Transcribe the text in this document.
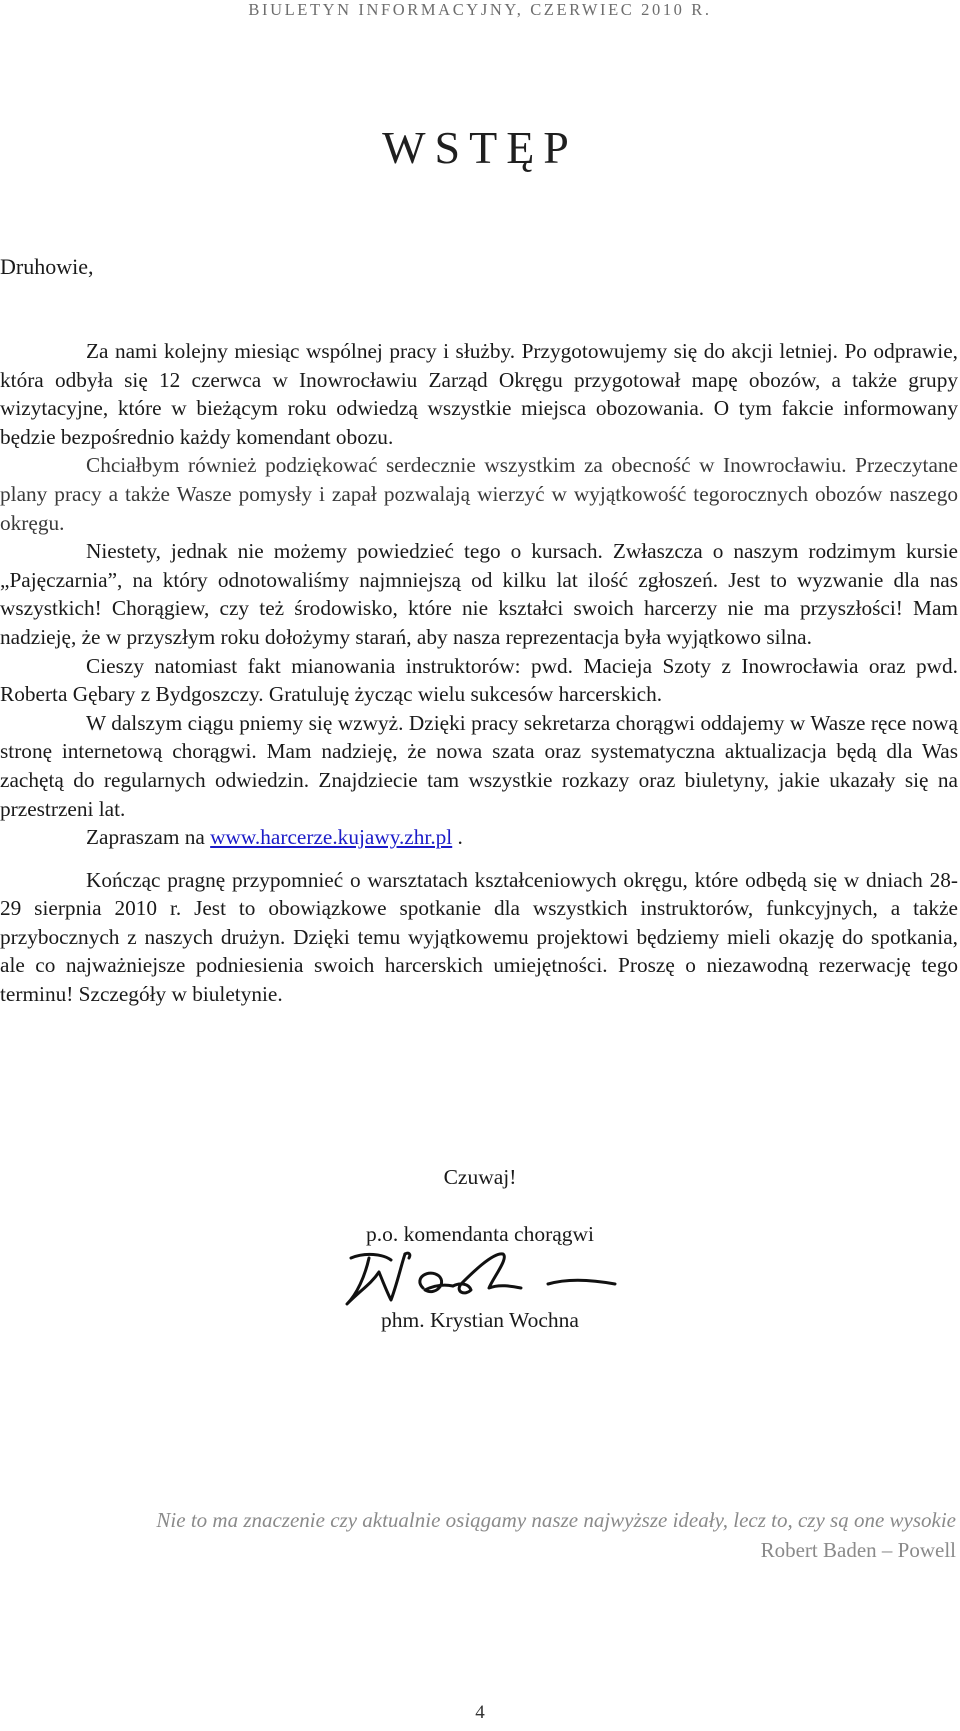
BIULETYN INFORMACYJNY, CZERWIEC 2010 R.
WSTĘP
Druhowie,

Za nami kolejny miesiąc wspólnej pracy i służby. Przygotowujemy się do akcji letniej. Po odprawie, która odbyła się 12 czerwca w Inowrocławiu Zarząd Okręgu przygotował mapę obozów, a także grupy wizytacyjne, które w bieżącym roku odwiedzą wszystkie miejsca obozowania. O tym fakcie informowany będzie bezpośrednio każdy komendant obozu.

Chciałbym również podziękować serdecznie wszystkim za obecność w Inowrocławiu. Przeczytane plany pracy a także Wasze pomysły i zapał pozwalają wierzyć w wyjątkowość tegorocznych obozów naszego okręgu.

Niestety, jednak nie możemy powiedzieć tego o kursach. Zwłaszcza o naszym rodzimym kursie „Pajęczarnia”, na który odnotowaliśmy najmniejszą od kilku lat ilość zgłoszeń. Jest to wyzwanie dla nas wszystkich! Chorągiew, czy też środowisko, które nie kształci swoich harcerzy nie ma przyszłości! Mam nadzieję, że w przyszłym roku dołożymy starań, aby nasza reprezentacja była wyjątkowo silna.

Cieszy natomiast fakt mianowania instruktorów: pwd. Macieja Szoty z Inowrocławia oraz pwd. Roberta Gębary z Bydgoszczy. Gratuluję życząc wielu sukcesów harcerskich.

W dalszym ciągu pniemy się wzwyż. Dzięki pracy sekretarza chorągwi oddajemy w Wasze ręce nową stronę internetową chorągwi. Mam nadzieję, że nowa szata oraz systematyczna aktualizacja będą dla Was zachętą do regularnych odwiedzin. Znajdziecie tam wszystkie rozkazy oraz biuletyny, jakie ukazały się na przestrzeni lat.

Zapraszam na www.harcerze.kujawy.zhr.pl .

Kończąc pragnę przypomnieć o warsztatach kształceniowych okręgu, które odbędą się w dniach 28-29 sierpnia 2010 r. Jest to obowiązkowe spotkanie dla wszystkich instruktorów, funkcyjnych, a także przybocznych z naszych drużyn. Dzięki temu wyjątkowemu projektowi będziemy mieli okazję do spotkania, ale co najważniejsze podniesienia swoich harcerskich umiejętności. Proszę o niezawodną rezerwację tego terminu! Szczegóły w biuletynie.

Czuwaj!
p.o. komendanta chorągwi
phm. Krystian Wochna
Nie to ma znaczenie czy aktualnie osiągamy nasze najwyższe ideały, lecz to, czy są one wysokie
Robert Baden – Powell
4
